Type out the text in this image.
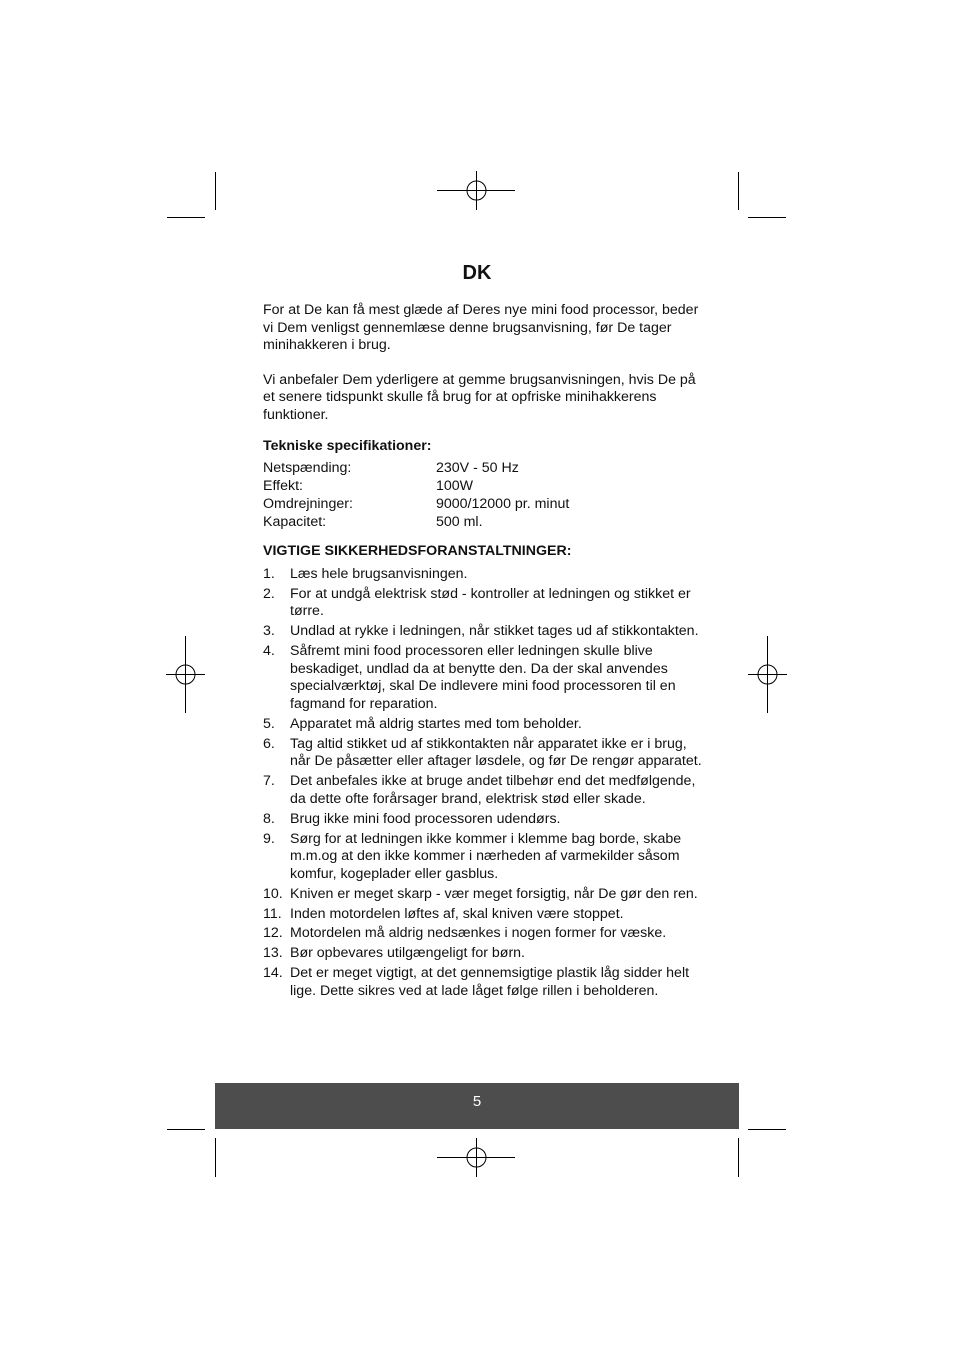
DK

For at De kan få mest glæde af Deres nye mini food processor, beder vi Dem venligst gennemlæse denne brugsanvisning, før De tager minihakkeren i brug.

Vi anbefaler Dem yderligere at gemme brugsanvisningen, hvis De på et senere tidspunkt skulle få brug for at opfriske minihakkerens funktioner.

Tekniske specifikationer:

Netspænding:	230V - 50 Hz
Effekt:	100W
Omdrejninger:	9000/12000 pr. minut
Kapacitet:	500 ml.

VIGTIGE SIKKERHEDSFORANSTALTNINGER:

1.	Læs hele brugsanvisningen.
2.	For at undgå elektrisk stød - kontroller at ledningen og stikket er tørre.
3.	Undlad at rykke i ledningen, når stikket tages ud af stikkontakten.
4.	Såfremt mini food processoren eller ledningen skulle blive beskadiget, undlad da at benytte den. Da der skal anvendes specialværktøj, skal De indlevere mini food processoren til en fagmand for reparation.
5.	Apparatet må aldrig startes med tom beholder.
6.	Tag altid stikket ud af stikkontakten når apparatet ikke er i brug, når De påsætter eller aftager løsdele, og før De rengør apparatet.
7.	Det anbefales ikke at bruge andet tilbehør end det medfølgende, da dette ofte forårsager brand, elektrisk stød eller skade.
8.	Brug ikke mini food processoren udendørs.
9.	Sørg for at ledningen ikke kommer i klemme bag borde, skabe m.m.og at den ikke kommer i nærheden af varmekilder såsom komfur, kogeplader eller gasblus.
10. Kniven er meget skarp - vær meget forsigtig, når De gør den ren.
11. Inden motordelen løftes af, skal kniven være stoppet.
12. Motordelen må aldrig nedsænkes i nogen former for væske.
13. Bør opbevares utilgængeligt for børn.
14. Det er meget vigtigt, at det gennemsigtige plastik låg sidder helt lige. Dette sikres ved at lade låget følge rillen i beholderen.
5
